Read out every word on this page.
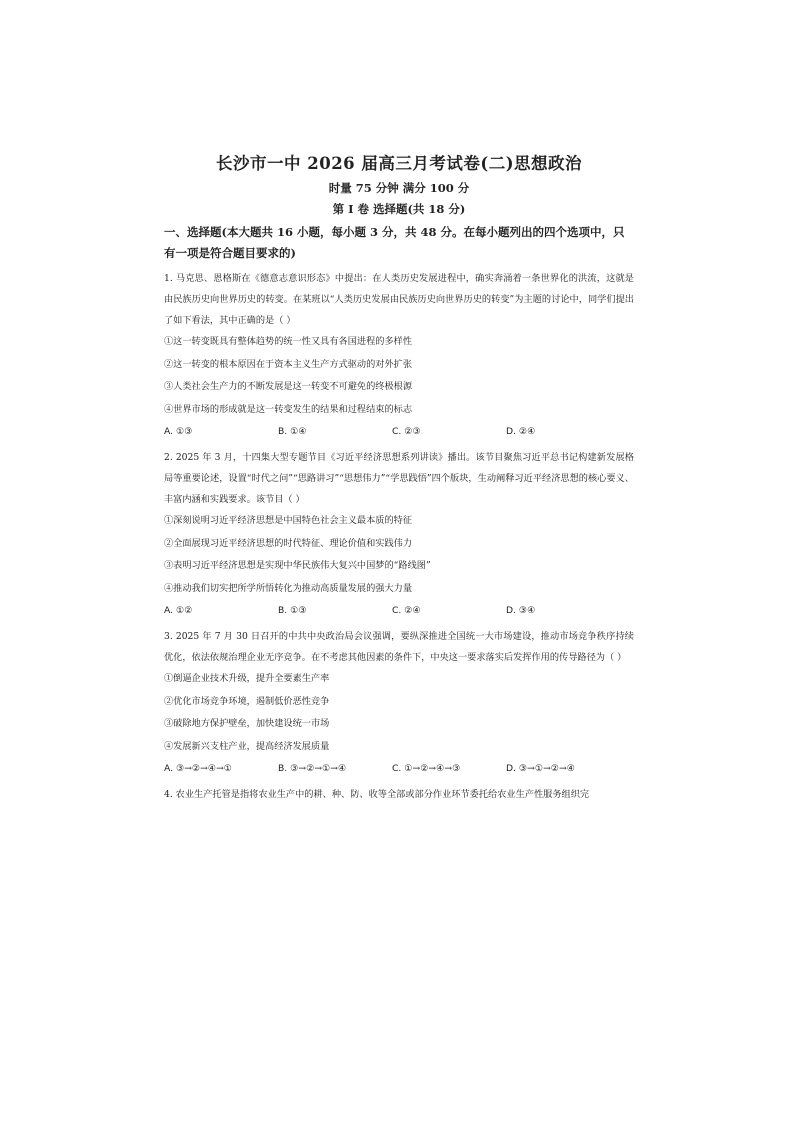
长沙市一中 2026 届高三月考试卷(二)思想政治
时量 75 分钟 满分 100 分
第 I 卷 选择题(共 18 分)
一、选择题(本大题共 16 小题，每小题 3 分，共 48 分。在每小题列出的四个选项中，只有一项是符合题目要求的)

1. 马克思、恩格斯在《德意志意识形态》中提出：在人类历史发展进程中，确实奔涌着一条世界化的洪流，这就是由民族历史向世界历史的转变。在某班以“人类历史发展由民族历史向世界历史的转变”为主题的讨论中，同学们提出了如下看法，其中正确的是（ ）

①这一转变既具有整体趋势的统一性又具有各国进程的多样性

②这一转变的根本原因在于资本主义生产方式驱动的对外扩张

③人类社会生产力的不断发展是这一转变不可避免的终极根源

④世界市场的形成就是这一转变发生的结果和过程结束的标志

A. ①③	B. ①④	C. ②③	D. ②④

2. 2025 年 3 月，十四集大型专题节目《习近平经济思想系列讲读》播出。该节目聚焦习近平总书记构建新发展格局等重要论述，设置“时代之问”“思路讲习”“思想伟力”“学思践悟”四个版块，生动阐释习近平经济思想的核心要义、丰富内涵和实践要求。该节目（ ）

①深刻说明习近平经济思想是中国特色社会主义最本质的特征

②全面展现习近平经济思想的时代特征、理论价值和实践伟力

③表明习近平经济思想是实现中华民族伟大复兴中国梦的“路线图”

④推动我们切实把所学所悟转化为推动高质量发展的强大力量

A. ①②	B. ①③	C. ②④	D. ③④

3. 2025 年 7 月 30 日召开的中共中央政治局会议强调，要纵深推进全国统一大市场建设，推动市场竞争秩序持续优化，依法依规治理企业无序竞争。在不考虑其他因素的条件下，中央这一要求落实后发挥作用的传导路径为（ ）

①倒逼企业技术升级，提升全要素生产率

②优化市场竞争环境，遏制低价恶性竞争

③破除地方保护壁垒，加快建设统一市场

④发展新兴支柱产业，提高经济发展质量

A. ③→②→④→①	B. ③→②→①→④	C. ①→②→④→③	D. ③→①→②→④

4. 农业生产托管是指将农业生产中的耕、种、防、收等全部或部分作业环节委托给农业生产性服务组织完
